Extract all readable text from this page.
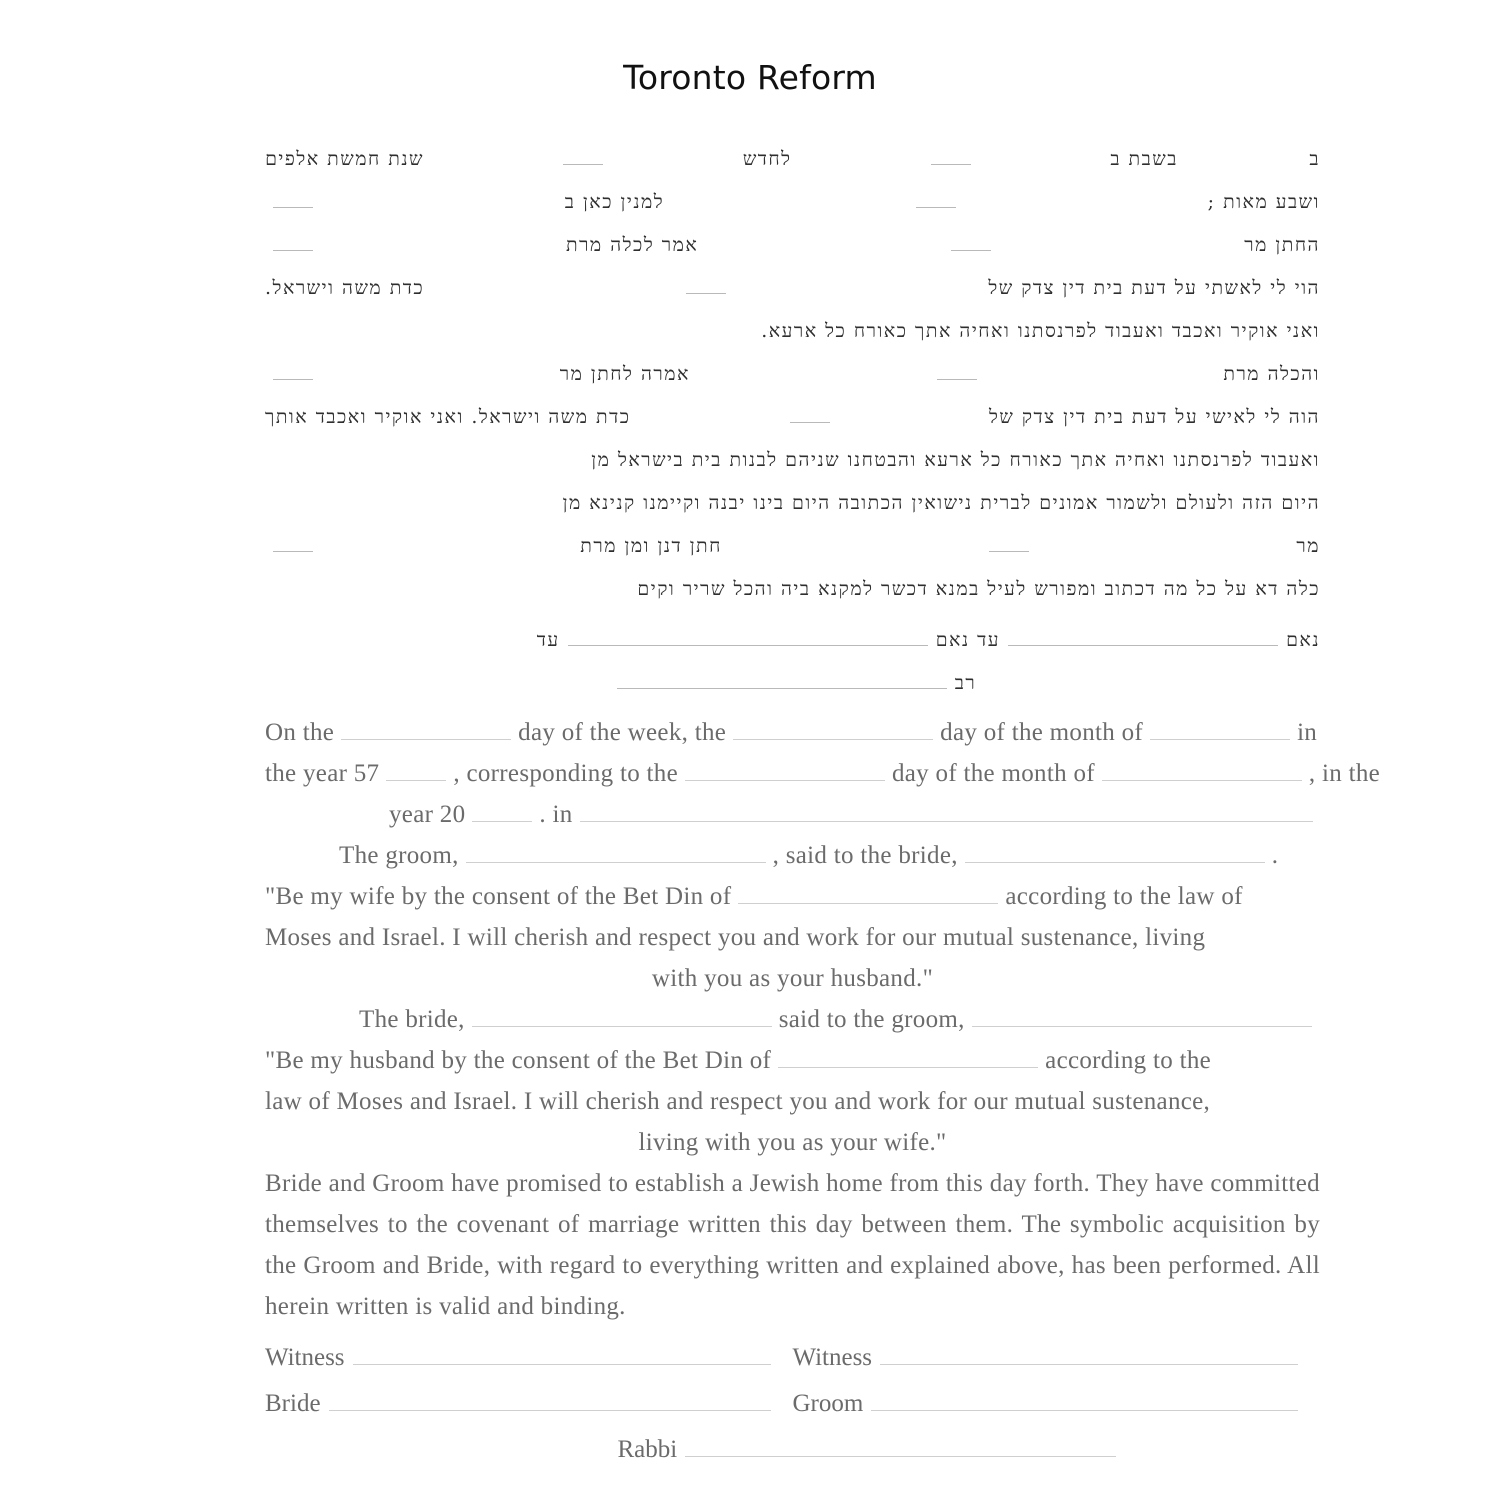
Toronto Reform
ב
בשבת ב
לחדש
שנת חמשת אלפים
ושבע מאות ;
למנין כאן ב
החתן מר
אמר לכלה מרת
הוי לי לאשתי על דעת בית דין צדק של
כדת משה וישראל.
ואני אוקיר ואכבד ואעבוד לפרנסתנו ואחיה אתך כאורח כל ארעא.
והכלה מרת
אמרה לחתן מר
הוה לי לאישי על דעת בית דין צדק של
כדת משה וישראל. ואני אוקיר ואכבד אותך
ואעבוד לפרנסתנו ואחיה אתך כאורח כל ארעא והבטחנו שניהם לבנות בית בישראל מן
היום הזה ולעולם ולשמור אמונים לברית נישואין הכתובה היום בינו יבנה וקיימנו קנינא מן
מר
חתן דנן ומן מרת
כלה דא על כל מה דכתוב ומפורש לעיל במנא דכשר למקנא ביה והכל שריר וקים
נאם
עד נאם
עד
רב
On the	day of the week, the	day of the month of	in
the year 57	, corresponding to the	day of the month of	, in the
year 20	. in
The groom,	, said to the bride,	.
"Be my wife by the consent of the Bet Din of	according to the law of
Moses and Israel. I will cherish and respect you and work for our mutual sustenance, living
with you as your husband."
The bride,	said to the groom,
"Be my husband by the consent of the Bet Din of	according to the
law of Moses and Israel. I will cherish and respect you and work for our mutual sustenance,
living with you as your wife."
Bride and Groom have promised to establish a Jewish home from this day forth. They have committed themselves to the covenant of marriage written this day between them. The symbolic acquisition by the Groom and Bride, with regard to everything written and explained above, has been performed. All herein written is valid and binding.
Witness	Witness
Bride	Groom
Rabbi
